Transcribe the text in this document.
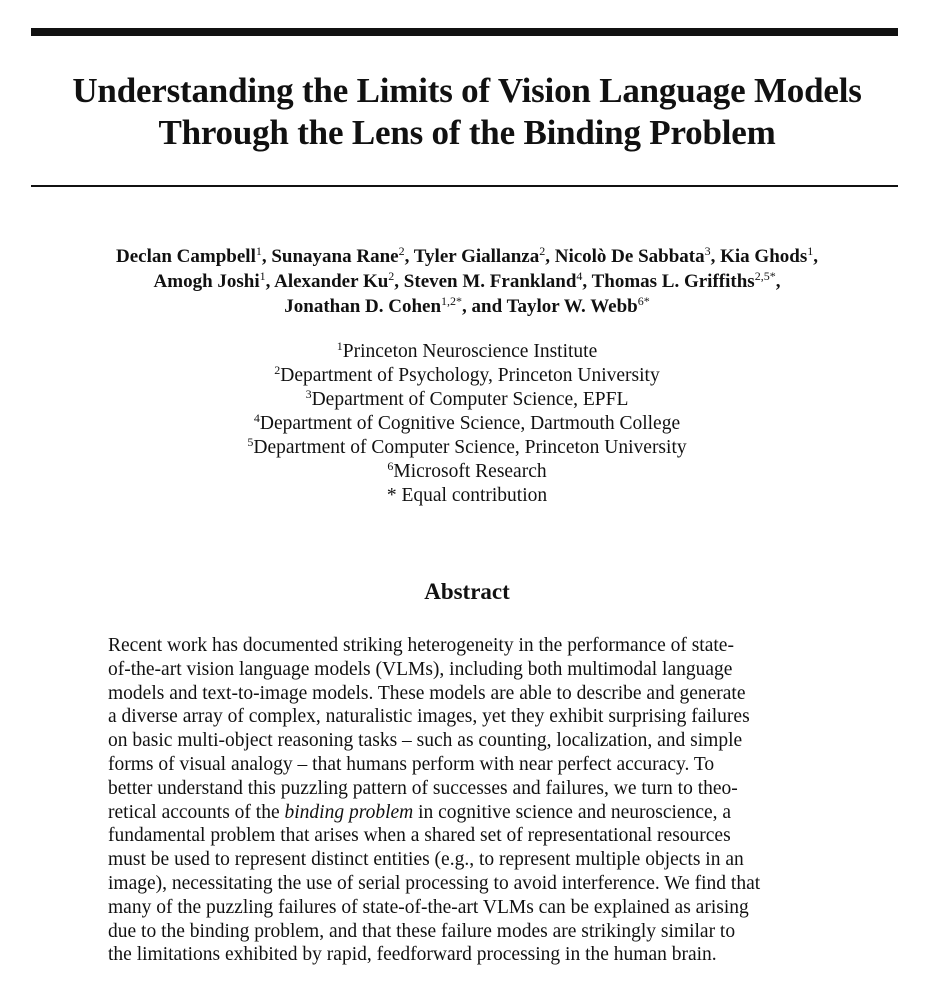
Understanding the Limits of Vision Language Models
Through the Lens of the Binding Problem
Declan Campbell$^1$, Sunayana Rane$^2$, Tyler Giallanza$^2$, Nicolò De Sabbata$^3$, Kia Ghods$^1$,
Amogh Joshi$^1$, Alexander Ku$^2$, Steven M. Frankland$^4$, Thomas L. Griffiths$^{2,5*}$,
Jonathan D. Cohen$^{1,2*}$, and Taylor W. Webb$^{6*}$
$^1$Princeton Neuroscience Institute
$^2$Department of Psychology, Princeton University
$^3$Department of Computer Science, EPFL
$^4$Department of Cognitive Science, Dartmouth College
$^5$Department of Computer Science, Princeton University
$^6$Microsoft Research
* Equal contribution
Abstract
Recent work has documented striking heterogeneity in the performance of state-
of-the-art vision language models (VLMs), including both multimodal language
models and text-to-image models. These models are able to describe and generate
a diverse array of complex, naturalistic images, yet they exhibit surprising failures
on basic multi-object reasoning tasks – such as counting, localization, and simple
forms of visual analogy – that humans perform with near perfect accuracy. To
better understand this puzzling pattern of successes and failures, we turn to theo-
retical accounts of the binding problem in cognitive science and neuroscience, a
fundamental problem that arises when a shared set of representational resources
must be used to represent distinct entities (e.g., to represent multiple objects in an
image), necessitating the use of serial processing to avoid interference. We find that
many of the puzzling failures of state-of-the-art VLMs can be explained as arising
due to the binding problem, and that these failure modes are strikingly similar to
the limitations exhibited by rapid, feedforward processing in the human brain.
